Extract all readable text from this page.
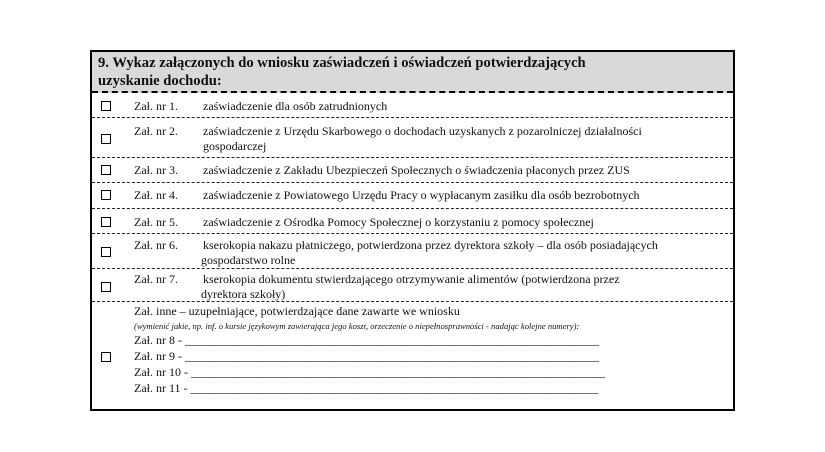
9. Wykaz załączonych do wniosku zaświadczeń i oświadczeń potwierdzających
uzyskanie dochodu:
Zał. nr 1. zaświadczenie dla osób zatrudnionych
Zał. nr 2. zaświadczenie z Urzędu Skarbowego o dochodach uzyskanych z pozarolniczej działalności
gospodarczej
Zał. nr 3. zaświadczenie z Zakładu Ubezpieczeń Społecznych o świadczenia płaconych przez ZUS
Zał. nr 4. zaświadczenie z Powiatowego Urzędu Pracy o wypłacanym zasiłku dla osób bezrobotnych
Zał. nr 5. zaświadczenie z Ośrodka Pomocy Społecznej o korzystaniu z pomocy społecznej
Zał. nr 6. kserokopia nakazu płatniczego, potwierdzona przez dyrektora szkoły – dla osób posiadających
gospodarstwo rolne
Zał. nr 7. kserokopia dokumentu stwierdzającego otrzymywanie alimentów (potwierdzona przez
dyrektora szkoły)
Zał. inne – uzupełniające, potwierdzające dane zawarte we wniosku
(wymienić jakie, np. inf. o kursie językowym zawierająca jego koszt, orzeczenie o niepełnosprawności - nadając kolejne numery):
Zał. nr 8 - _____________________________________________________________________
Zał. nr 9 - _____________________________________________________________________
Zał. nr 10 - _____________________________________________________________________
Zał. nr 11 - ____________________________________________________________________
